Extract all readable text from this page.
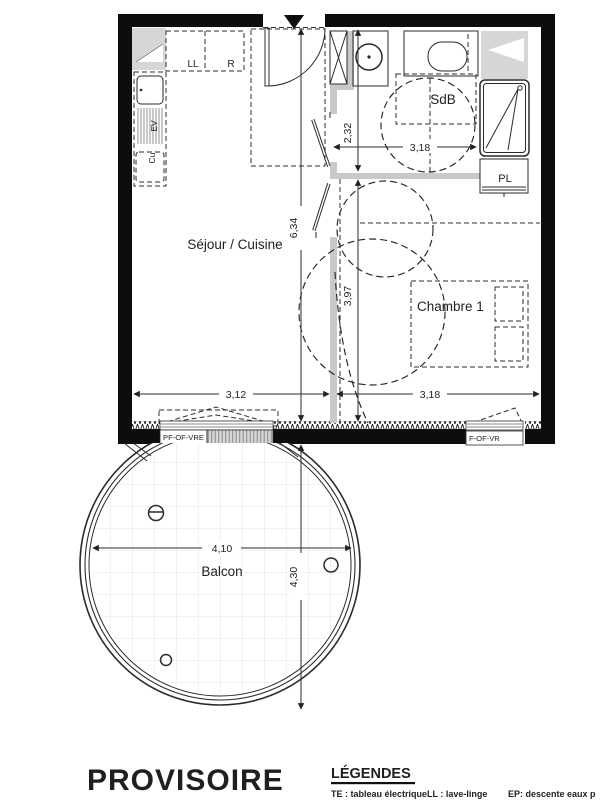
LL	R
EV
Cu
PL
SdB
Chambre 1
Séjour / Cuisine
PF-OF-VRE	F-OF-VR
Balcon
2,32
3,18
6,34
3,97
3,12	3,18
4,10
4,30
PROVISOIRE	LÉGENDES
TE : tableau électrique LL : lave-linge EP: descente eaux p
